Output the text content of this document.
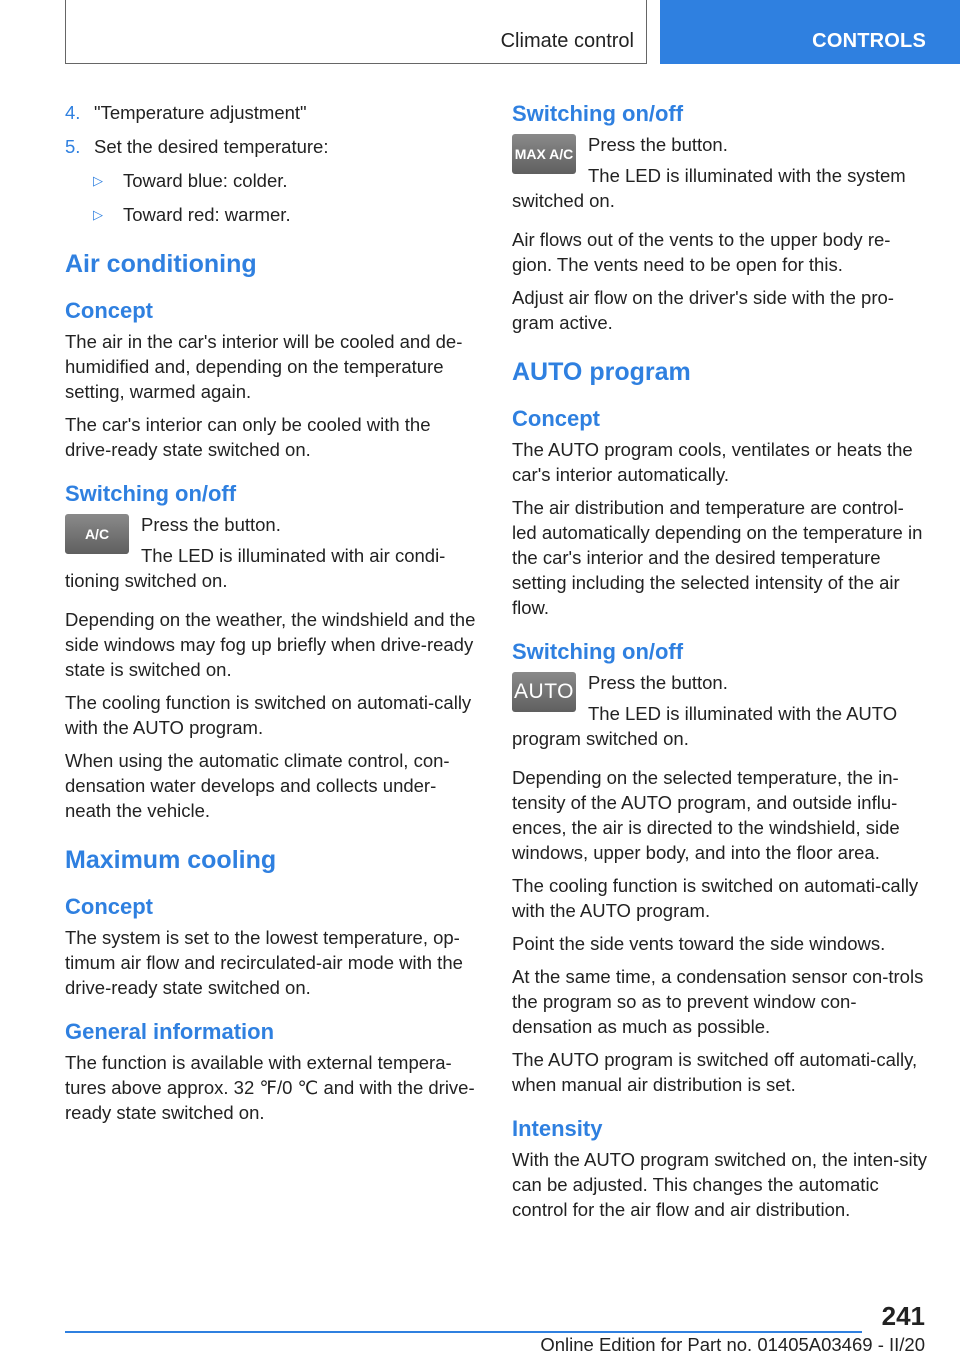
Climate control	CONTROLS
4. "Temperature adjustment"
5. Set the desired temperature:
▷	Toward blue: colder.
▷	Toward red: warmer.
Air conditioning
Concept

The air in the car's interior will be cooled and de-humidified and, depending on the temperature setting, warmed again.

The car's interior can only be cooled with the drive-ready state switched on.

Switching on/off
A/C	Press the button.

The LED is illuminated with air condi-tioning switched on.

Depending on the weather, the windshield and the side windows may fog up briefly when drive-ready state is switched on.

The cooling function is switched on automati-cally with the AUTO program.

When using the automatic climate control, con-densation water develops and collects under-neath the vehicle.

Maximum cooling
Concept

The system is set to the lowest temperature, op-timum air flow and recirculated-air mode with the drive-ready state switched on.

General information

The function is available with external tempera-tures above approx. 32 ℉/0 ℃ and with the drive-ready state switched on.

Switching on/off
MAX A/C Press the button.

The LED is illuminated with the system switched on.

Air flows out of the vents to the upper body re-gion. The vents need to be open for this.

Adjust air flow on the driver's side with the pro-gram active.

AUTO program
Concept

The AUTO program cools, ventilates or heats the car's interior automatically.

The air distribution and temperature are control-led automatically depending on the temperature in the car's interior and the desired temperature setting including the selected intensity of the air flow.

Switching on/off
AUTO Press the button.

The LED is illuminated with the AUTO program switched on.

Depending on the selected temperature, the in-tensity of the AUTO program, and outside influ-ences, the air is directed to the windshield, side windows, upper body, and into the floor area.

The cooling function is switched on automati-cally with the AUTO program.

Point the side vents toward the side windows.

At the same time, a condensation sensor con-trols the program so as to prevent window con-densation as much as possible.

The AUTO program is switched off automati-cally, when manual air distribution is set.

Intensity

With the AUTO program switched on, the inten-sity can be adjusted. This changes the automatic control for the air flow and air distribution.

241
Online Edition for Part no. 01405A03469 - II/20
